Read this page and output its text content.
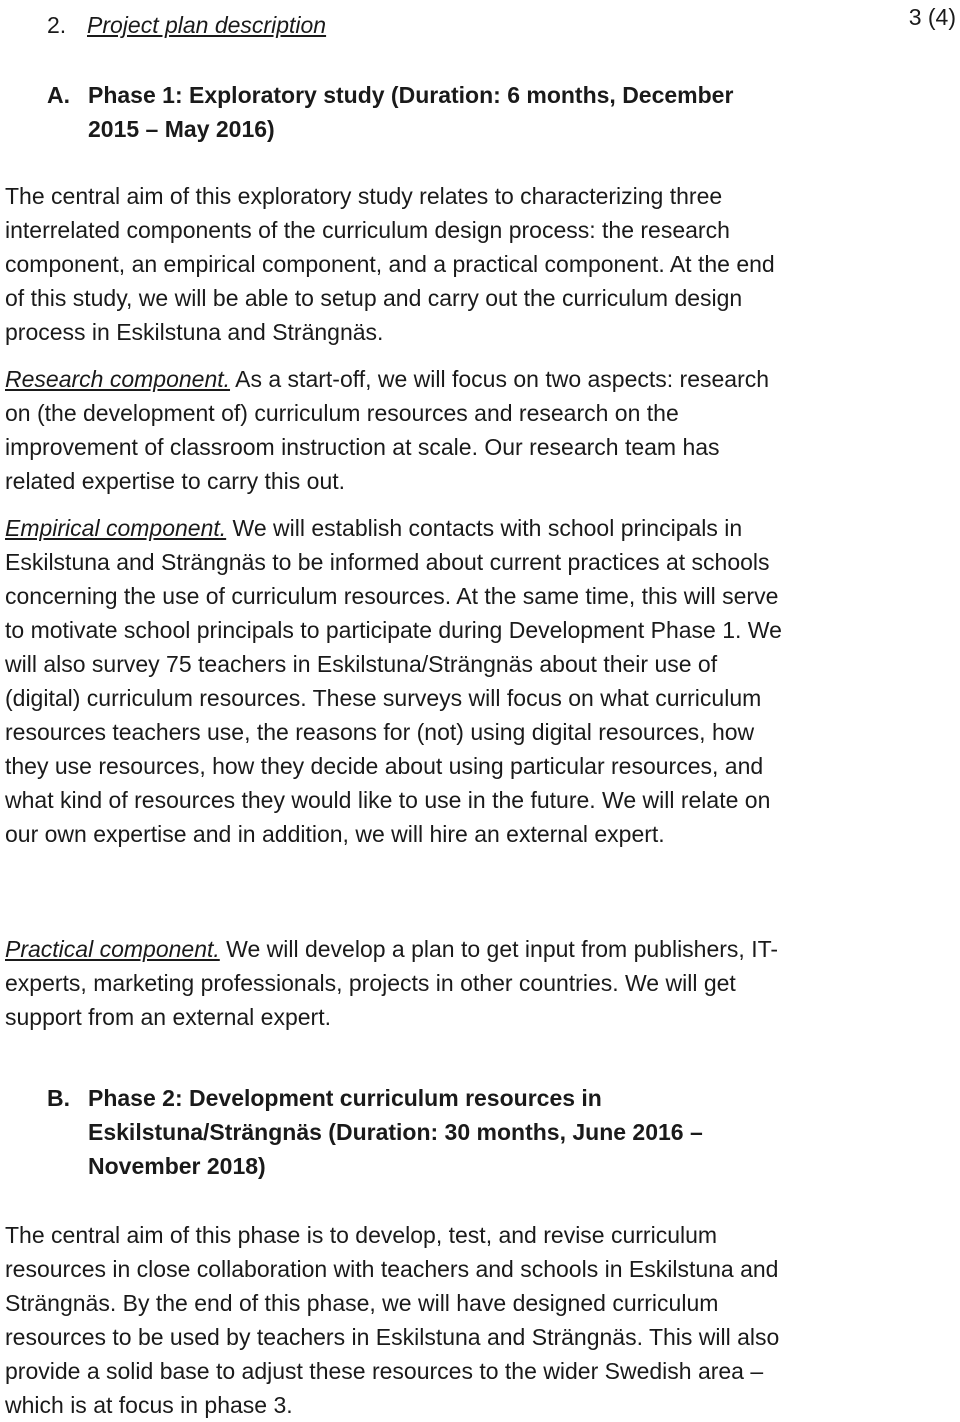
2. Project plan description	3 (4)
A. Phase 1: Exploratory study (Duration: 6 months, December 2015 – May 2016)

The central aim of this exploratory study relates to characterizing three interrelated components of the curriculum design process: the research component, an empirical component, and a practical component. At the end of this study, we will be able to setup and carry out the curriculum design process in Eskilstuna and Strängnäs.

Research component. As a start-off, we will focus on two aspects: research on (the development of) curriculum resources and research on the improvement of classroom instruction at scale. Our research team has related expertise to carry this out.

Empirical component. We will establish contacts with school principals in Eskilstuna and Strängnäs to be informed about current practices at schools concerning the use of curriculum resources. At the same time, this will serve to motivate school principals to participate during Development Phase 1. We will also survey 75 teachers in Eskilstuna/Strängnäs about their use of (digital) curriculum resources. These surveys will focus on what curriculum resources teachers use, the reasons for (not) using digital resources, how they use resources, how they decide about using particular resources, and what kind of resources they would like to use in the future. We will relate on our own expertise and in addition, we will hire an external expert.

Practical component. We will develop a plan to get input from publishers, IT-experts, marketing professionals, projects in other countries. We will get support from an external expert.

B. Phase 2: Development curriculum resources in Eskilstuna/Strängnäs (Duration: 30 months, June 2016 – November 2018)

The central aim of this phase is to develop, test, and revise curriculum resources in close collaboration with teachers and schools in Eskilstuna and Strängnäs. By the end of this phase, we will have designed curriculum resources to be used by teachers in Eskilstuna and Strängnäs. This will also provide a solid base to adjust these resources to the wider Swedish area – which is at focus in phase 3.
